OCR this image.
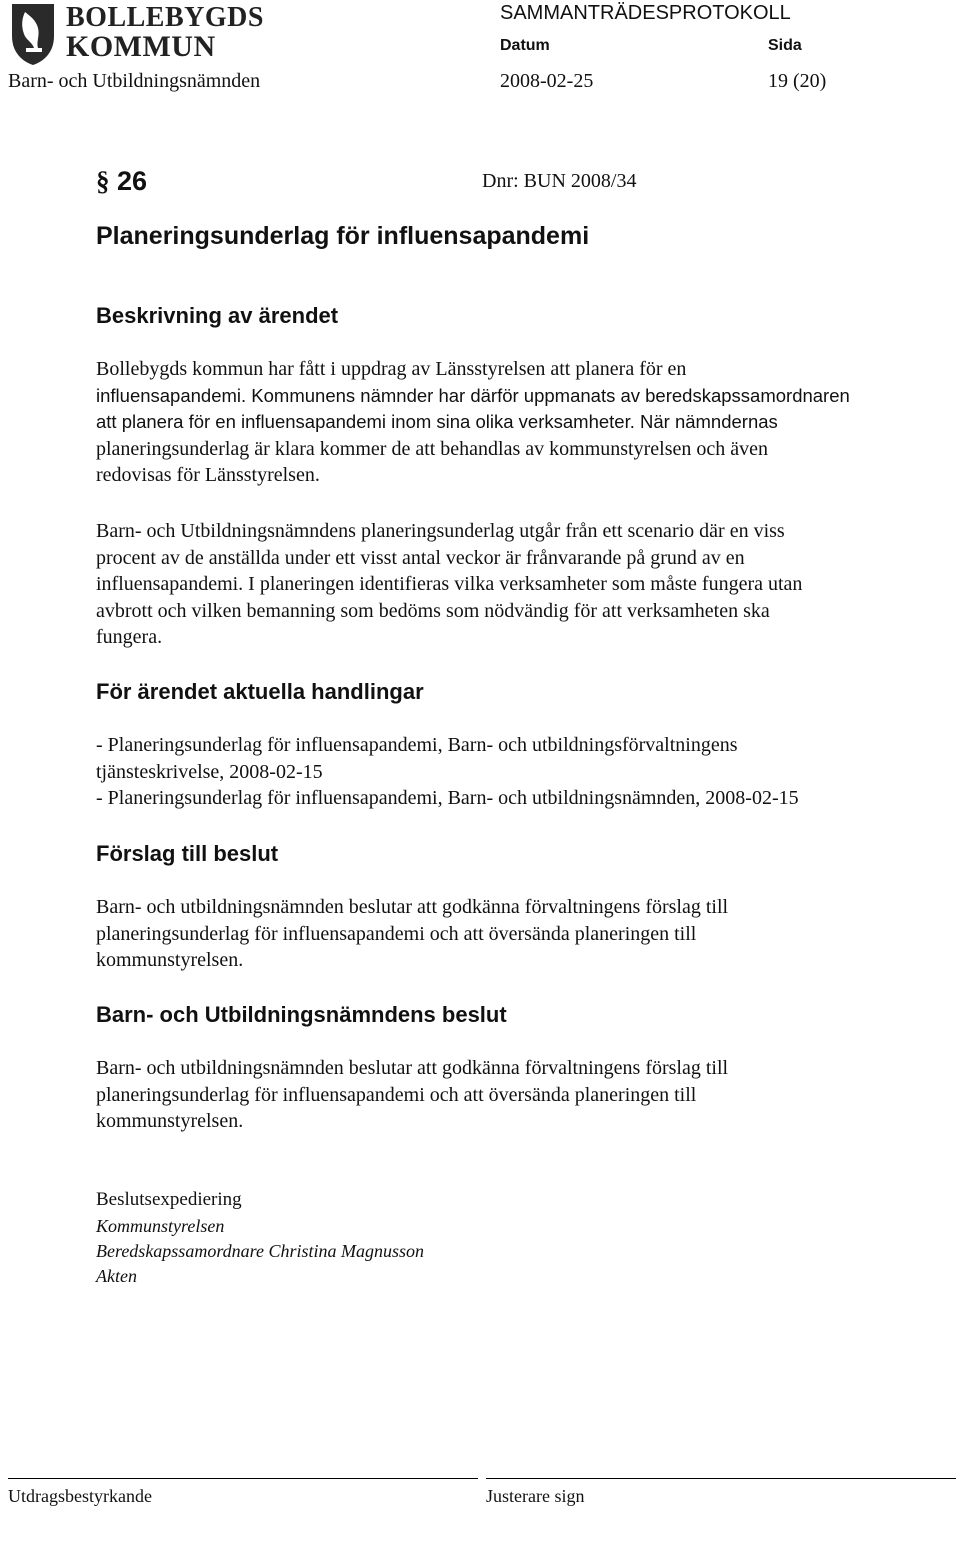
BOLLEBYGDS
KOMMUN
SAMMANTRÄDESPROTOKOLL
Datum	Sida
Barn- och Utbildningsnämnden	2008-02-25	19 (20)
§ 26	Dnr: BUN 2008/34
Planeringsunderlag för influensapandemi
Beskrivning av ärendet
Bollebygds kommun har fått i uppdrag av Länsstyrelsen att planera för en
influensapandemi. Kommunens nämnder har därför uppmanats av beredskapssamordnaren
att planera för en influensapandemi inom sina olika verksamheter. När nämndernas
planeringsunderlag är klara kommer de att behandlas av kommunstyrelsen och även
redovisas för Länsstyrelsen.
Barn- och Utbildningsnämndens planeringsunderlag utgår från ett scenario där en viss
procent av de anställda under ett visst antal veckor är frånvarande på grund av en
influensapandemi. I planeringen identifieras vilka verksamheter som måste fungera utan
avbrott och vilken bemanning som bedöms som nödvändig för att verksamheten ska
fungera.
För ärendet aktuella handlingar
- Planeringsunderlag för influensapandemi, Barn- och utbildningsförvaltningens
tjänsteskrivelse, 2008-02-15
- Planeringsunderlag för influensapandemi, Barn- och utbildningsnämnden, 2008-02-15
Förslag till beslut
Barn- och utbildningsnämnden beslutar att godkänna förvaltningens förslag till
planeringsunderlag för influensapandemi och att översända planeringen till
kommunstyrelsen.
Barn- och Utbildningsnämndens beslut
Barn- och utbildningsnämnden beslutar att godkänna förvaltningens förslag till
planeringsunderlag för influensapandemi och att översända planeringen till
kommunstyrelsen.
Beslutsexpediering
Kommunstyrelsen
Beredskapssamordnare Christina Magnusson
Akten
Utdragsbestyrkande	Justerare sign
